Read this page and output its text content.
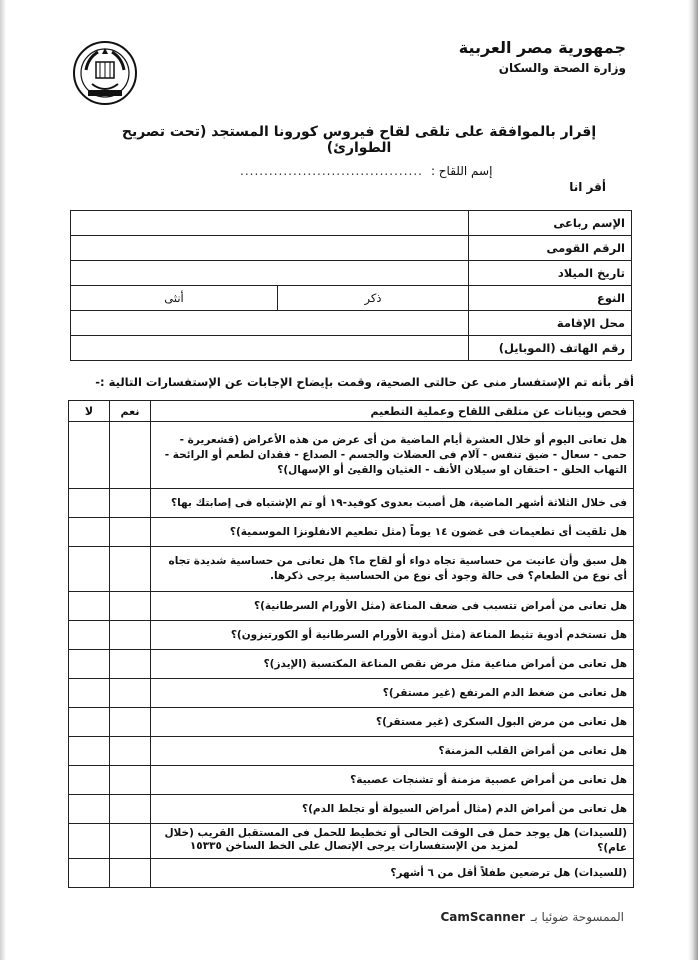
جمهورية مصر العربية
وزارة الصحة والسكان
إقرار بالموافقة على تلقى لقاح فيروس كورونا المستجد (تحت تصريح الطوارئ)
إسم اللقاح :
......................................
أقر انا
الإسم رباعى		
الرقم القومى		
تاريخ الميلاد		
النوع	ذكر	أنثى
محل الإقامة		
رقم الهاتف (الموبايل)		
أقر بأنه تم الإستفسار منى عن حالتى الصحية، وقمت بإيضاح الإجابات عن الإستفسارات التالية :-
فحص وبيانات عن متلقى اللقاح وعملية التطعيم	نعم	لا
هل تعانى اليوم أو خلال العشرة أيام الماضية من أى عرض من هذه الأعراض (قشعريرة - حمى - سعال - ضيق تنفس - آلام فى العضلات والجسم - الصداع - فقدان لطعم أو الرائحة - التهاب الحلق - احتقان او سيلان الأنف - الغثيان والقيئ أو الإسهال)؟		
فى خلال الثلاثة أشهر الماضية، هل أصبت بعدوى كوفيد-١٩ أو تم الإشتباه فى إصابتك بها؟		
هل تلقيت أى تطعيمات فى غضون ١٤ يوماً (مثل تطعيم الانفلونزا الموسمية)؟		
هل سبق وأن عانيت من حساسية تجاه دواء أو لقاح ما؟ هل تعانى من حساسية شديدة تجاه أى نوع من الطعام؟ فى حالة وجود أى نوع من الحساسية يرجى ذكرها.		
هل تعانى من أمراض تتسبب فى ضعف المناعة (مثل الأورام السرطانية)؟		
هل تستخدم أدوية تثبط المناعة (مثل أدوية الأورام السرطانية أو الكورتيزون)؟		
هل تعانى من أمراض مناعية مثل مرض نقص المناعة المكتسبة (الإيدز)؟		
هل تعانى من ضغط الدم المرتفع (غير مستقر)؟		
هل تعانى من مرض البول السكرى (غير مستقر)؟		
هل تعانى من أمراض القلب المزمنة؟		
هل تعانى من أمراض عصبية مزمنة أو تشنجات عصبية؟		
هل تعانى من أمراض الدم (مثال أمراض السيولة أو تجلط الدم)؟		
(للسيدات) هل يوجد حمل فى الوقت الحالى أو تخطيط للحمل فى المستقبل القريب (خلال عام)؟		
(للسيدات) هل ترضعين طفلاً أقل من ٦ أشهر؟		
لمزيد من الإستفسارات يرجى الإتصال على الخط الساخن ١٥٣٣٥
الممسوحة ضوئيا بـ
CamScanner
